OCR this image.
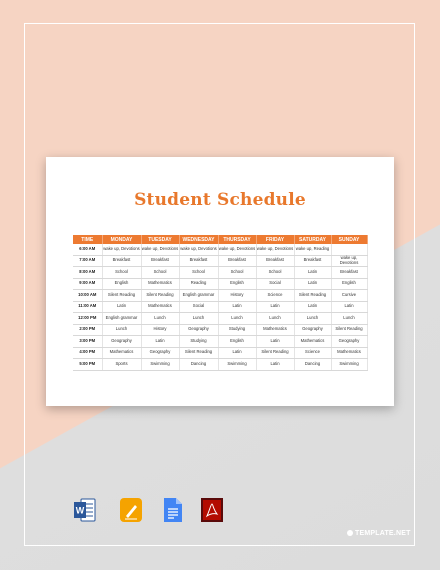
Student Schedule
TIME	MONDAY	TUESDAY	WEDNESDAY	THURSDAY	FRIDAY	SATURDAY	SUNDAY
6:00 AM	wake up, Devotions	wake up, Devotions	wake up, Devotions	wake up, Devotions	wake up, Devotions	wake up, Reading	
7:00 AM	Breakfast	Breakfast	Breakfast	Breakfast	Breakfast	Breakfast	wake up, Devotions
8:00 AM	School	School	School	School	School	Latin	Breakfast
9:00 AM	English	Mathematics	Reading	English	Social	Latin	English
10:00 AM	Silent Reading	Silent Reading	English grammar	History	Science	Silent Reading	Cursive
11:00 AM	Latin	Mathematics	Social	Latin	Latin	Latin	Latin
12:00 PM	English grammar	Lunch	Lunch	Lunch	Lunch	Lunch	Lunch
2:00 PM	Lunch	History	Geography	Studying	Mathematics	Geography	Silent Reading
3:00 PM	Geography	Latin	Studying	English	Latin	Mathematics	Geography
4:00 PM	Mathematics	Geography	Silent Reading	Latin	Silent Reading	Science	Mathematics
5:00 PM	Sports	Swimming	Dancing	Swimming	Latin	Dancing	Swimming
W
TEMPLATE.NET
